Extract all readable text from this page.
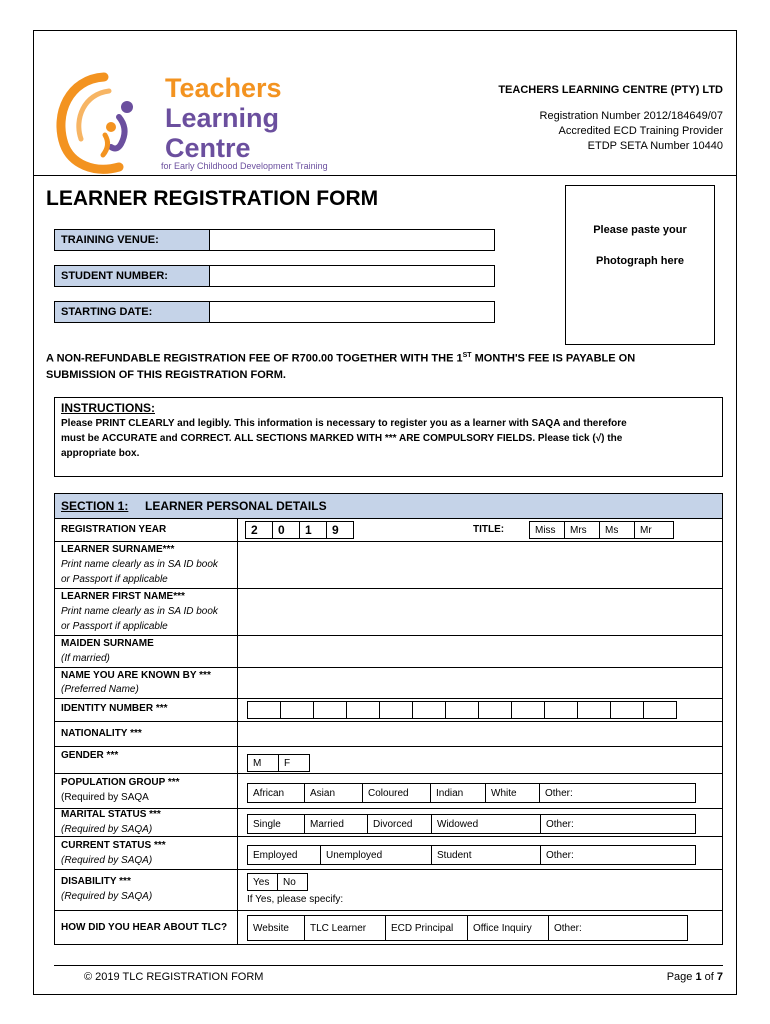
Teachers
Learning
Centre
for Early Childhood Development Training
TEACHERS LEARNING CENTRE (PTY) LTD
Registration Number 2012/184649/07
Accredited ECD Training Provider
ETDP SETA Number 10440
LEARNER REGISTRATION FORM
TRAINING VENUE:
STUDENT NUMBER:
STARTING DATE:
Please paste your
Photograph here
A NON-REFUNDABLE REGISTRATION FEE OF R700.00 TOGETHER WITH THE 1ST MONTH'S FEE IS PAYABLE ON
SUBMISSION OF THIS REGISTRATION FORM.
INSTRUCTIONS:
Please PRINT CLEARLY and legibly. This information is necessary to register you as a learner with SAQA and therefore
must be ACCURATE and CORRECT. ALL SECTIONS MARKED WITH *** ARE COMPULSORY FIELDS. Please tick (√) the
appropriate box.
SECTION 1: LEARNER PERSONAL DETAILS
REGISTRATION YEAR	2	0	1	9	TITLE:	Miss	Mrs	Ms	Mr
LEARNER SURNAME***
Print name clearly as in SA ID book
or Passport if applicable
LEARNER FIRST NAME***
Print name clearly as in SA ID book
or Passport if applicable
MAIDEN SURNAME
(If married)
NAME YOU ARE KNOWN BY ***
(Preferred Name)
IDENTITY NUMBER ***
NATIONALITY ***
GENDER ***
M	F
POPULATION GROUP ***
(Required by SAQA	African	Asian	Coloured	Indian	White	Other:
MARITAL STATUS ***
(Required by SAQA)	Single	Married	Divorced	Widowed	Other:
CURRENT STATUS ***
(Required by SAQA)	Employed	Unemployed	Student	Other:
DISABILITY ***
(Required by SAQA)
Yes	No
If Yes, please specify:
HOW DID YOU HEAR ABOUT TLC?	Website	TLC Learner	ECD Principal	Office Inquiry	Other:
© 2019 TLC REGISTRATION FORM	Page 1 of 7
